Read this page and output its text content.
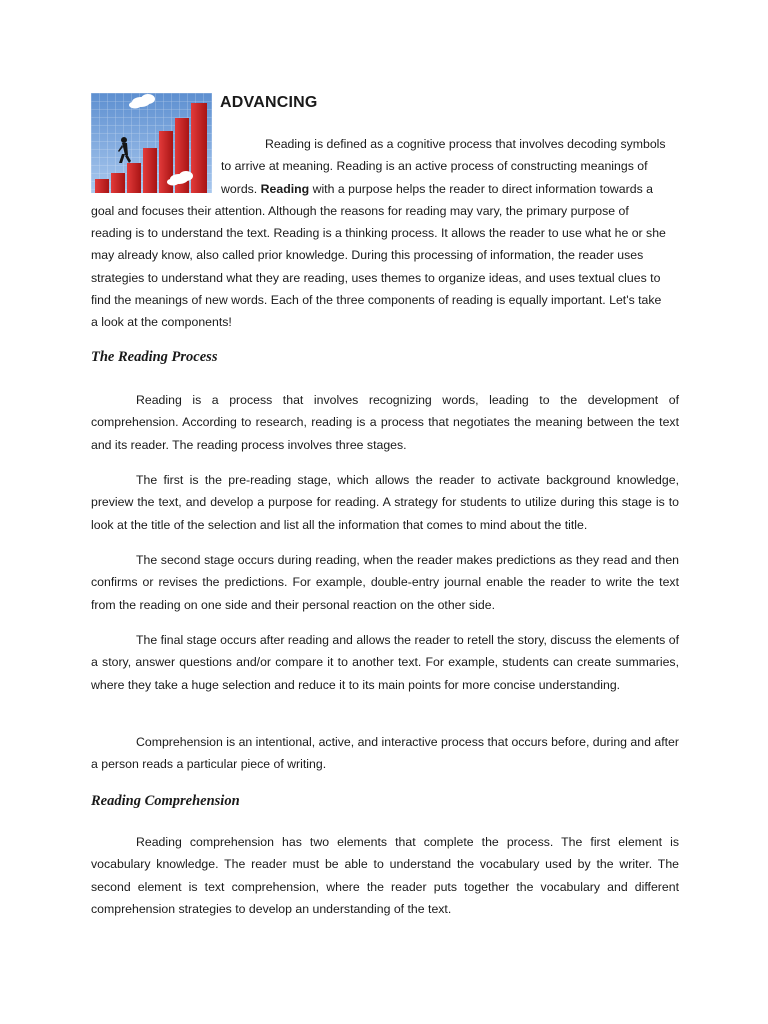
ADVANCING

Reading is defined as a cognitive process that involves decoding symbols
to arrive at meaning. Reading is an active process of constructing meanings of
words. Reading with a purpose helps the reader to direct information towards a
goal and focuses their attention. Although the reasons for reading may vary, the primary purpose of
reading is to understand the text. Reading is a thinking process. It allows the reader to use what he or she
may already know, also called prior knowledge. During this processing of information, the reader uses
strategies to understand what they are reading, uses themes to organize ideas, and uses textual clues to
find the meanings of new words. Each of the three components of reading is equally important. Let's take
a look at the components!

The Reading Process

Reading is a process that involves recognizing words, leading to the development of comprehension. According to research, reading is a process that negotiates the meaning between the text and its reader. The reading process involves three stages.

The first is the pre-reading stage, which allows the reader to activate background knowledge, preview the text, and develop a purpose for reading. A strategy for students to utilize during this stage is to look at the title of the selection and list all the information that comes to mind about the title.

The second stage occurs during reading, when the reader makes predictions as they read and then confirms or revises the predictions. For example, double-entry journal enable the reader to write the text from the reading on one side and their personal reaction on the other side.

The final stage occurs after reading and allows the reader to retell the story, discuss the elements of a story, answer questions and/or compare it to another text. For example, students can create summaries, where they take a huge selection and reduce it to its main points for more concise understanding.

Comprehension is an intentional, active, and interactive process that occurs before, during and after a person reads a particular piece of writing.

Reading Comprehension

Reading comprehension has two elements that complete the process. The first element is vocabulary knowledge. The reader must be able to understand the vocabulary used by the writer. The second element is text comprehension, where the reader puts together the vocabulary and different comprehension strategies to develop an understanding of the text.
